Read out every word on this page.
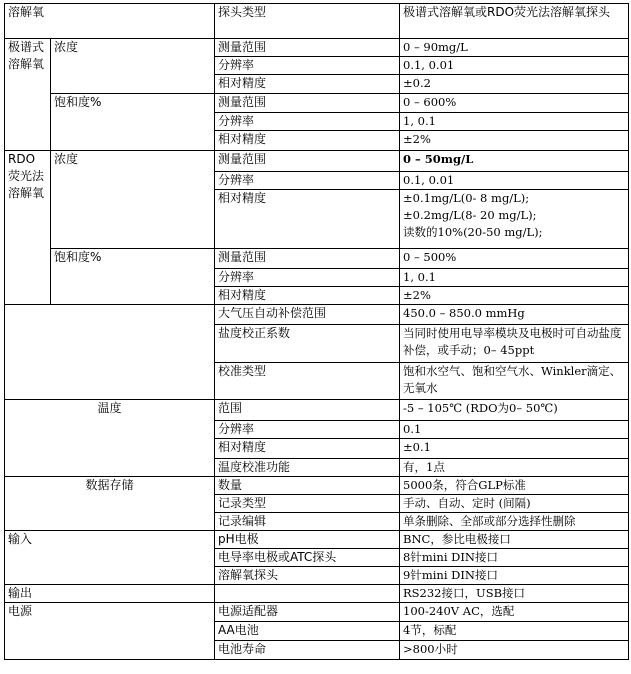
溶解氧		探头类型	极谱式溶解氧或RDO荧光法溶解氧探头
极谱式溶解氧	浓度	测量范围	0 – 90mg/L
		分辨率	0.1, 0.01
		相对精度	±0.2
	饱和度%	测量范围	0 – 600%
		分辨率	1, 0.1
		相对精度	±2%
RDO荧光法溶解氧	浓度	测量范围	0 – 50mg/L
		分辨率	0.1, 0.01
		相对精度	±0.1mg/L(0- 8 mg/L);
±0.2mg/L(8- 20 mg/L);
读数的10%(20-50 mg/L);

	饱和度%	测量范围	0 – 500%
		分辨率	1, 0.1
		相对精度	±2%
		大气压自动补偿范围	450.0 – 850.0 mmHg
		盐度校正系数	当同时使用电导率模块及电极时可自动盐度补偿，或手动；0– 45ppt
		校准类型	饱和水空气、饱和空气水、Winkler滴定、无氧水
温度		范围	-5 – 105℃ (RDO为0– 50℃)
		分辨率	0.1
		相对精度	±0.1
		温度校准功能	有，1点
数据存储		数量	5000条，符合GLP标准
		记录类型	手动、自动、定时 (间隔)
		记录编辑	单条删除、全部或部分选择性删除
输入		pH电极	BNC，参比电极接口
		电导率电极或ATC探头	8针mini DIN接口
		溶解氧探头	9针mini DIN接口
输出			RS232接口，USB接口
电源		电源适配器	100-240V AC，选配
		AA电池	4节，标配
		电池寿命	>800小时
